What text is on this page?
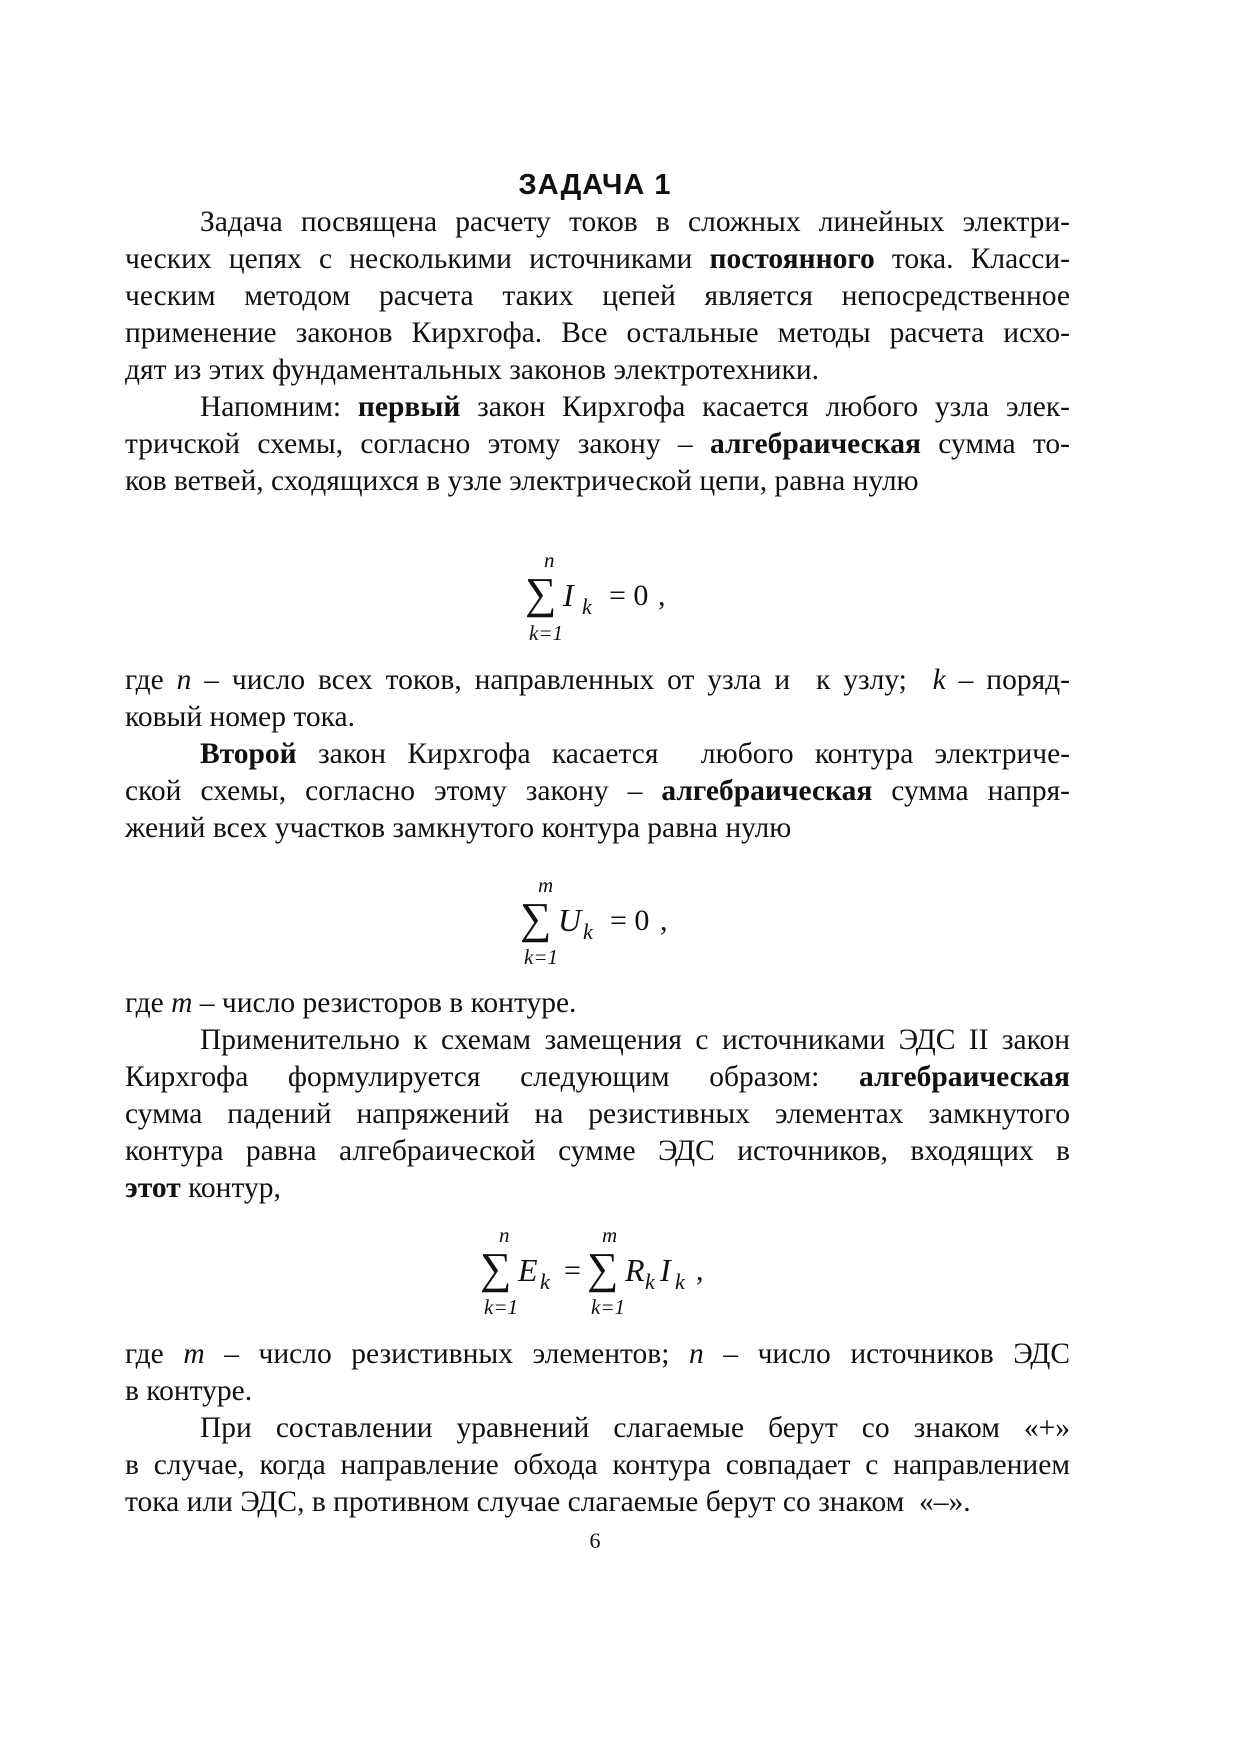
ЗАДАЧА 1
Задача посвящена расчету токов в сложных линейных электри-
ческих цепях с несколькими источниками постоянного тока. Класси-
ческим методом расчета таких цепей является непосредственное
применение законов Кирхгофа. Все остальные методы расчета исхо-
дят из этих фундаментальных законов электротехники.
Напомним: первый закон Кирхгофа касается любого узла элек-
тричской схемы, согласно этому закону – алгебраическая сумма то-
ков ветвей, сходящихся в узле электрической цепи, равна нулю
n
∑ I k = 0 ,
k=1
где n – число всех токов, направленных от узла и  к узлу;  k – поряд-
ковый номер тока.
Второй закон Кирхгофа касается  любого контура электриче-
ской схемы, согласно этому закону – алгебраическая сумма напря-
жений всех участков замкнутого контура равна нулю
m
∑ U k = 0 ,
k=1
где m – число резисторов в контуре.
Применительно к схемам замещения с источниками ЭДС II закон
Кирхгофа формулируется следующим образом: алгебраическая
сумма падений напряжений на резистивных элементах замкнутого
контура равна алгебраической сумме ЭДС источников, входящих в
этот контур,
n
∑ E k =
k=1
m
∑ R k I k ,
k=1
где m – число резистивных элементов; n – число источников ЭДС
в контуре.
При составлении уравнений слагаемые берут со знаком «+»
в случае, когда направление обхода контура совпадает с направлением
тока или ЭДС, в противном случае слагаемые берут со знаком  «–».
6
